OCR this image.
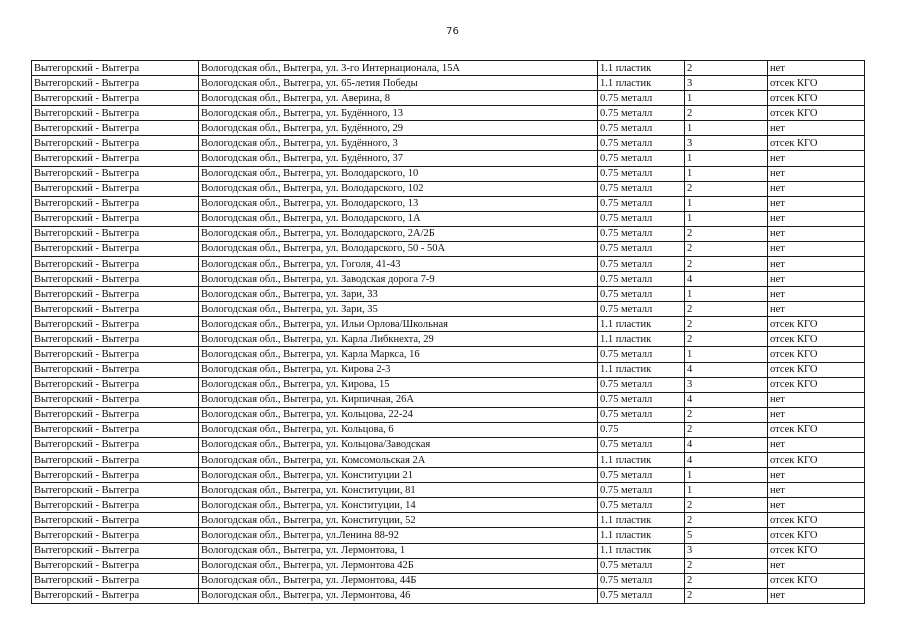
76
Вытегорский - Вытегра	Вологодская обл., Вытегра, ул. 3-го Интернационала, 15А	1.1 пластик	2	нет
Вытегорский - Вытегра	Вологодская обл., Вытегра, ул. 65-летия Победы	1.1 пластик	3	отсек КГО
Вытегорский - Вытегра	Вологодская обл., Вытегра, ул. Аверина, 8	0.75 металл	1	отсек КГО
Вытегорский - Вытегра	Вологодская обл., Вытегра, ул. Будённого, 13	0.75 металл	2	отсек КГО
Вытегорский - Вытегра	Вологодская обл., Вытегра, ул. Будённого, 29	0.75 металл	1	нет
Вытегорский - Вытегра	Вологодская обл., Вытегра, ул. Будённого, 3	0.75 металл	3	отсек КГО
Вытегорский - Вытегра	Вологодская обл., Вытегра, ул. Будённого, 37	0.75 металл	1	нет
Вытегорский - Вытегра	Вологодская обл., Вытегра, ул. Володарского, 10	0.75 металл	1	нет
Вытегорский - Вытегра	Вологодская обл., Вытегра, ул. Володарского, 102	0.75 металл	2	нет
Вытегорский - Вытегра	Вологодская обл., Вытегра, ул. Володарского, 13	0.75 металл	1	нет
Вытегорский - Вытегра	Вологодская обл., Вытегра, ул. Володарского, 1А	0.75 металл	1	нет
Вытегорский - Вытегра	Вологодская обл., Вытегра, ул. Володарского, 2А/2Б	0.75 металл	2	нет
Вытегорский - Вытегра	Вологодская обл., Вытегра, ул. Володарского, 50 - 50А	0.75 металл	2	нет
Вытегорский - Вытегра	Вологодская обл., Вытегра, ул. Гоголя, 41-43	0.75 металл	2	нет
Вытегорский - Вытегра	Вологодская обл., Вытегра, ул. Заводская дорога 7-9	0.75 металл	4	нет
Вытегорский - Вытегра	Вологодская обл., Вытегра, ул. Зари, 33	0.75 металл	1	нет
Вытегорский - Вытегра	Вологодская обл., Вытегра, ул. Зари, 35	0.75 металл	2	нет
Вытегорский - Вытегра	Вологодская обл., Вытегра, ул. Ильи Орлова/Школьная	1.1 пластик	2	отсек КГО
Вытегорский - Вытегра	Вологодская обл., Вытегра, ул. Карла Либкнехта, 29	1.1 пластик	2	отсек КГО
Вытегорский - Вытегра	Вологодская обл., Вытегра, ул. Карла Маркса, 16	0.75 металл	1	отсек КГО
Вытегорский - Вытегра	Вологодская обл., Вытегра, ул. Кирова 2-3	1.1 пластик	4	отсек КГО
Вытегорский - Вытегра	Вологодская обл., Вытегра, ул. Кирова, 15	0.75 металл	3	отсек КГО
Вытегорский - Вытегра	Вологодская обл., Вытегра, ул. Кирпичная, 26А	0.75 металл	4	нет
Вытегорский - Вытегра	Вологодская обл., Вытегра, ул. Кольцова, 22-24	0.75 металл	2	нет
Вытегорский - Вытегра	Вологодская обл., Вытегра, ул. Кольцова, 6	0.75	2	отсек КГО
Вытегорский - Вытегра	Вологодская обл., Вытегра, ул. Кольцова/Заводская	0.75 металл	4	нет
Вытегорский - Вытегра	Вологодская обл., Вытегра, ул. Комсомольская 2А	1.1 пластик	4	отсек КГО
Вытегорский - Вытегра	Вологодская обл., Вытегра, ул. Конституции 21	0.75 металл	1	нет
Вытегорский - Вытегра	Вологодская обл., Вытегра, ул. Конституции, 81	0.75 металл	1	нет
Вытегорский - Вытегра	Вологодская обл., Вытегра, ул. Конституции, 14	0.75 металл	2	нет
Вытегорский - Вытегра	Вологодская обл., Вытегра, ул. Конституции, 52	1.1 пластик	2	отсек КГО
Вытегорский - Вытегра	Вологодская обл., Вытегра, ул.Ленина 88-92	1.1 пластик	5	отсек КГО
Вытегорский - Вытегра	Вологодская обл., Вытегра, ул. Лермонтова, 1	1.1 пластик	3	отсек КГО
Вытегорский - Вытегра	Вологодская обл., Вытегра, ул. Лермонтова 42Б	0.75 металл	2	нет
Вытегорский - Вытегра	Вологодская обл., Вытегра, ул. Лермонтова, 44Б	0.75 металл	2	отсек КГО
Вытегорский - Вытегра	Вологодская обл., Вытегра, ул. Лермонтова, 46	0.75 металл	2	нет
